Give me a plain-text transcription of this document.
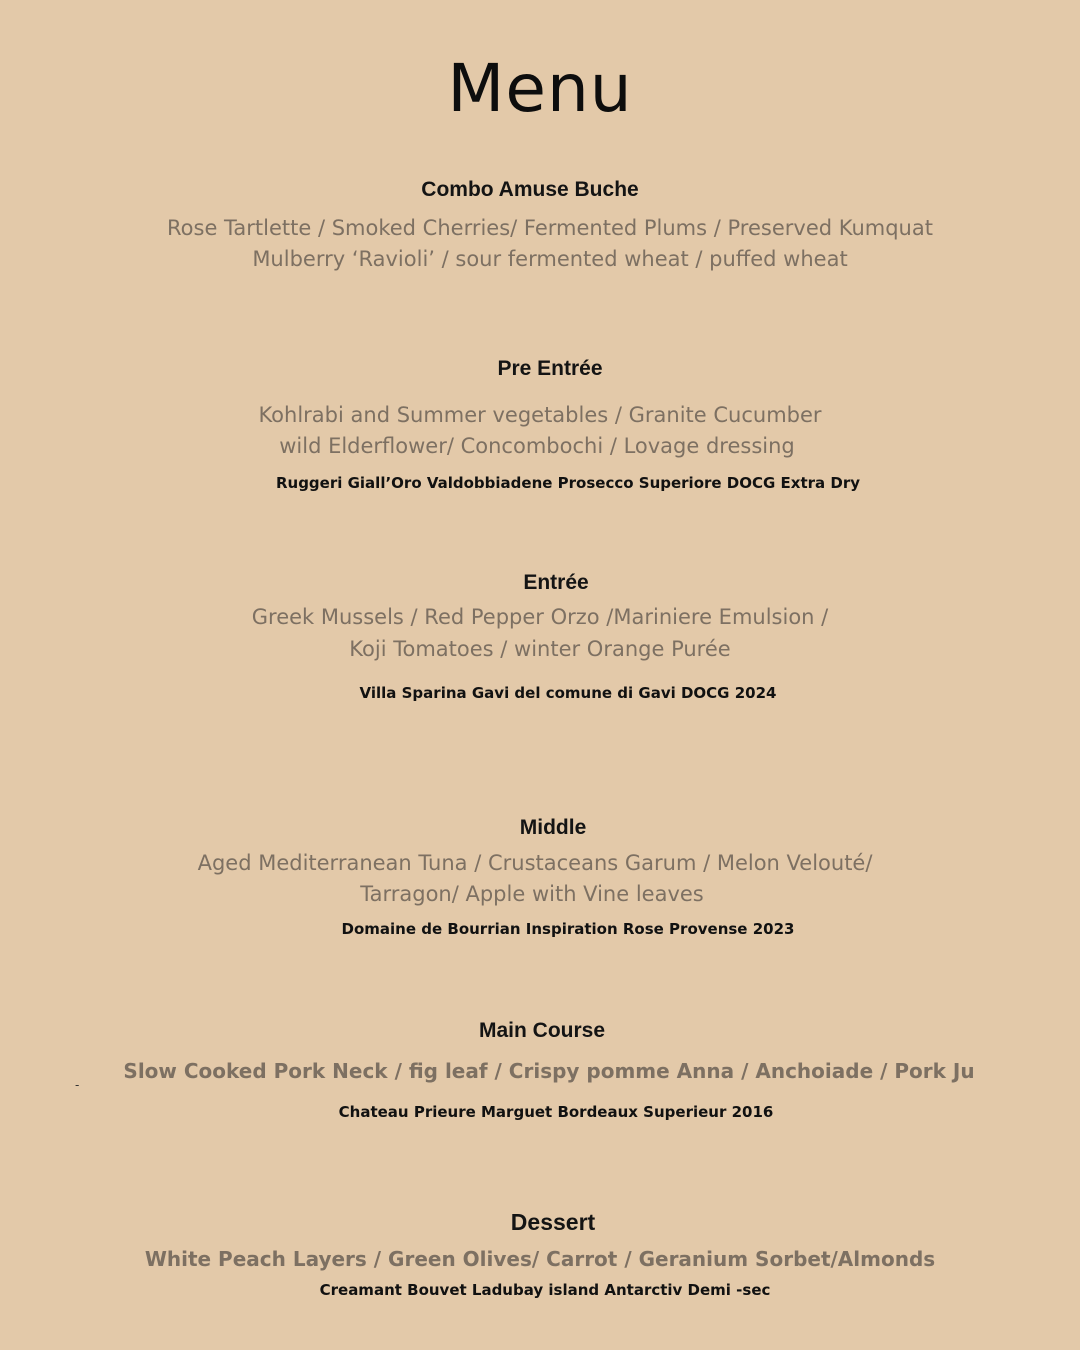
Menu
Combo Amuse Buche
Rose Tartlette / Smoked Cherries/ Fermented Plums / Preserved Kumquat
Mulberry ‘Ravioli’ / sour fermented wheat / puffed wheat
Pre Entrée
Kohlrabi and Summer vegetables / Granite Cucumber
wild Elderflower/ Concombochi / Lovage dressing
Ruggeri Giall’Oro Valdobbiadene Prosecco Superiore DOCG Extra Dry
Entrée
Greek Mussels / Red Pepper Orzo /Mariniere Emulsion /
Koji Tomatoes / winter Orange Purée
Villa Sparina Gavi del comune di Gavi DOCG 2024
Middle
Aged Mediterranean Tuna / Crustaceans Garum / Melon Velouté/
Tarragon/ Apple with Vine leaves
Domaine de Bourrian Inspiration Rose Provense 2023
Main Course
-
Slow Cooked Pork Neck / fig leaf / Crispy pomme Anna / Anchoiade / Pork Ju
Chateau Prieure Marguet Bordeaux Superieur 2016
Dessert
White Peach Layers / Green Olives/ Carrot / Geranium Sorbet/Almonds
Creamant Bouvet Ladubay island Antarctiv Demi -sec
